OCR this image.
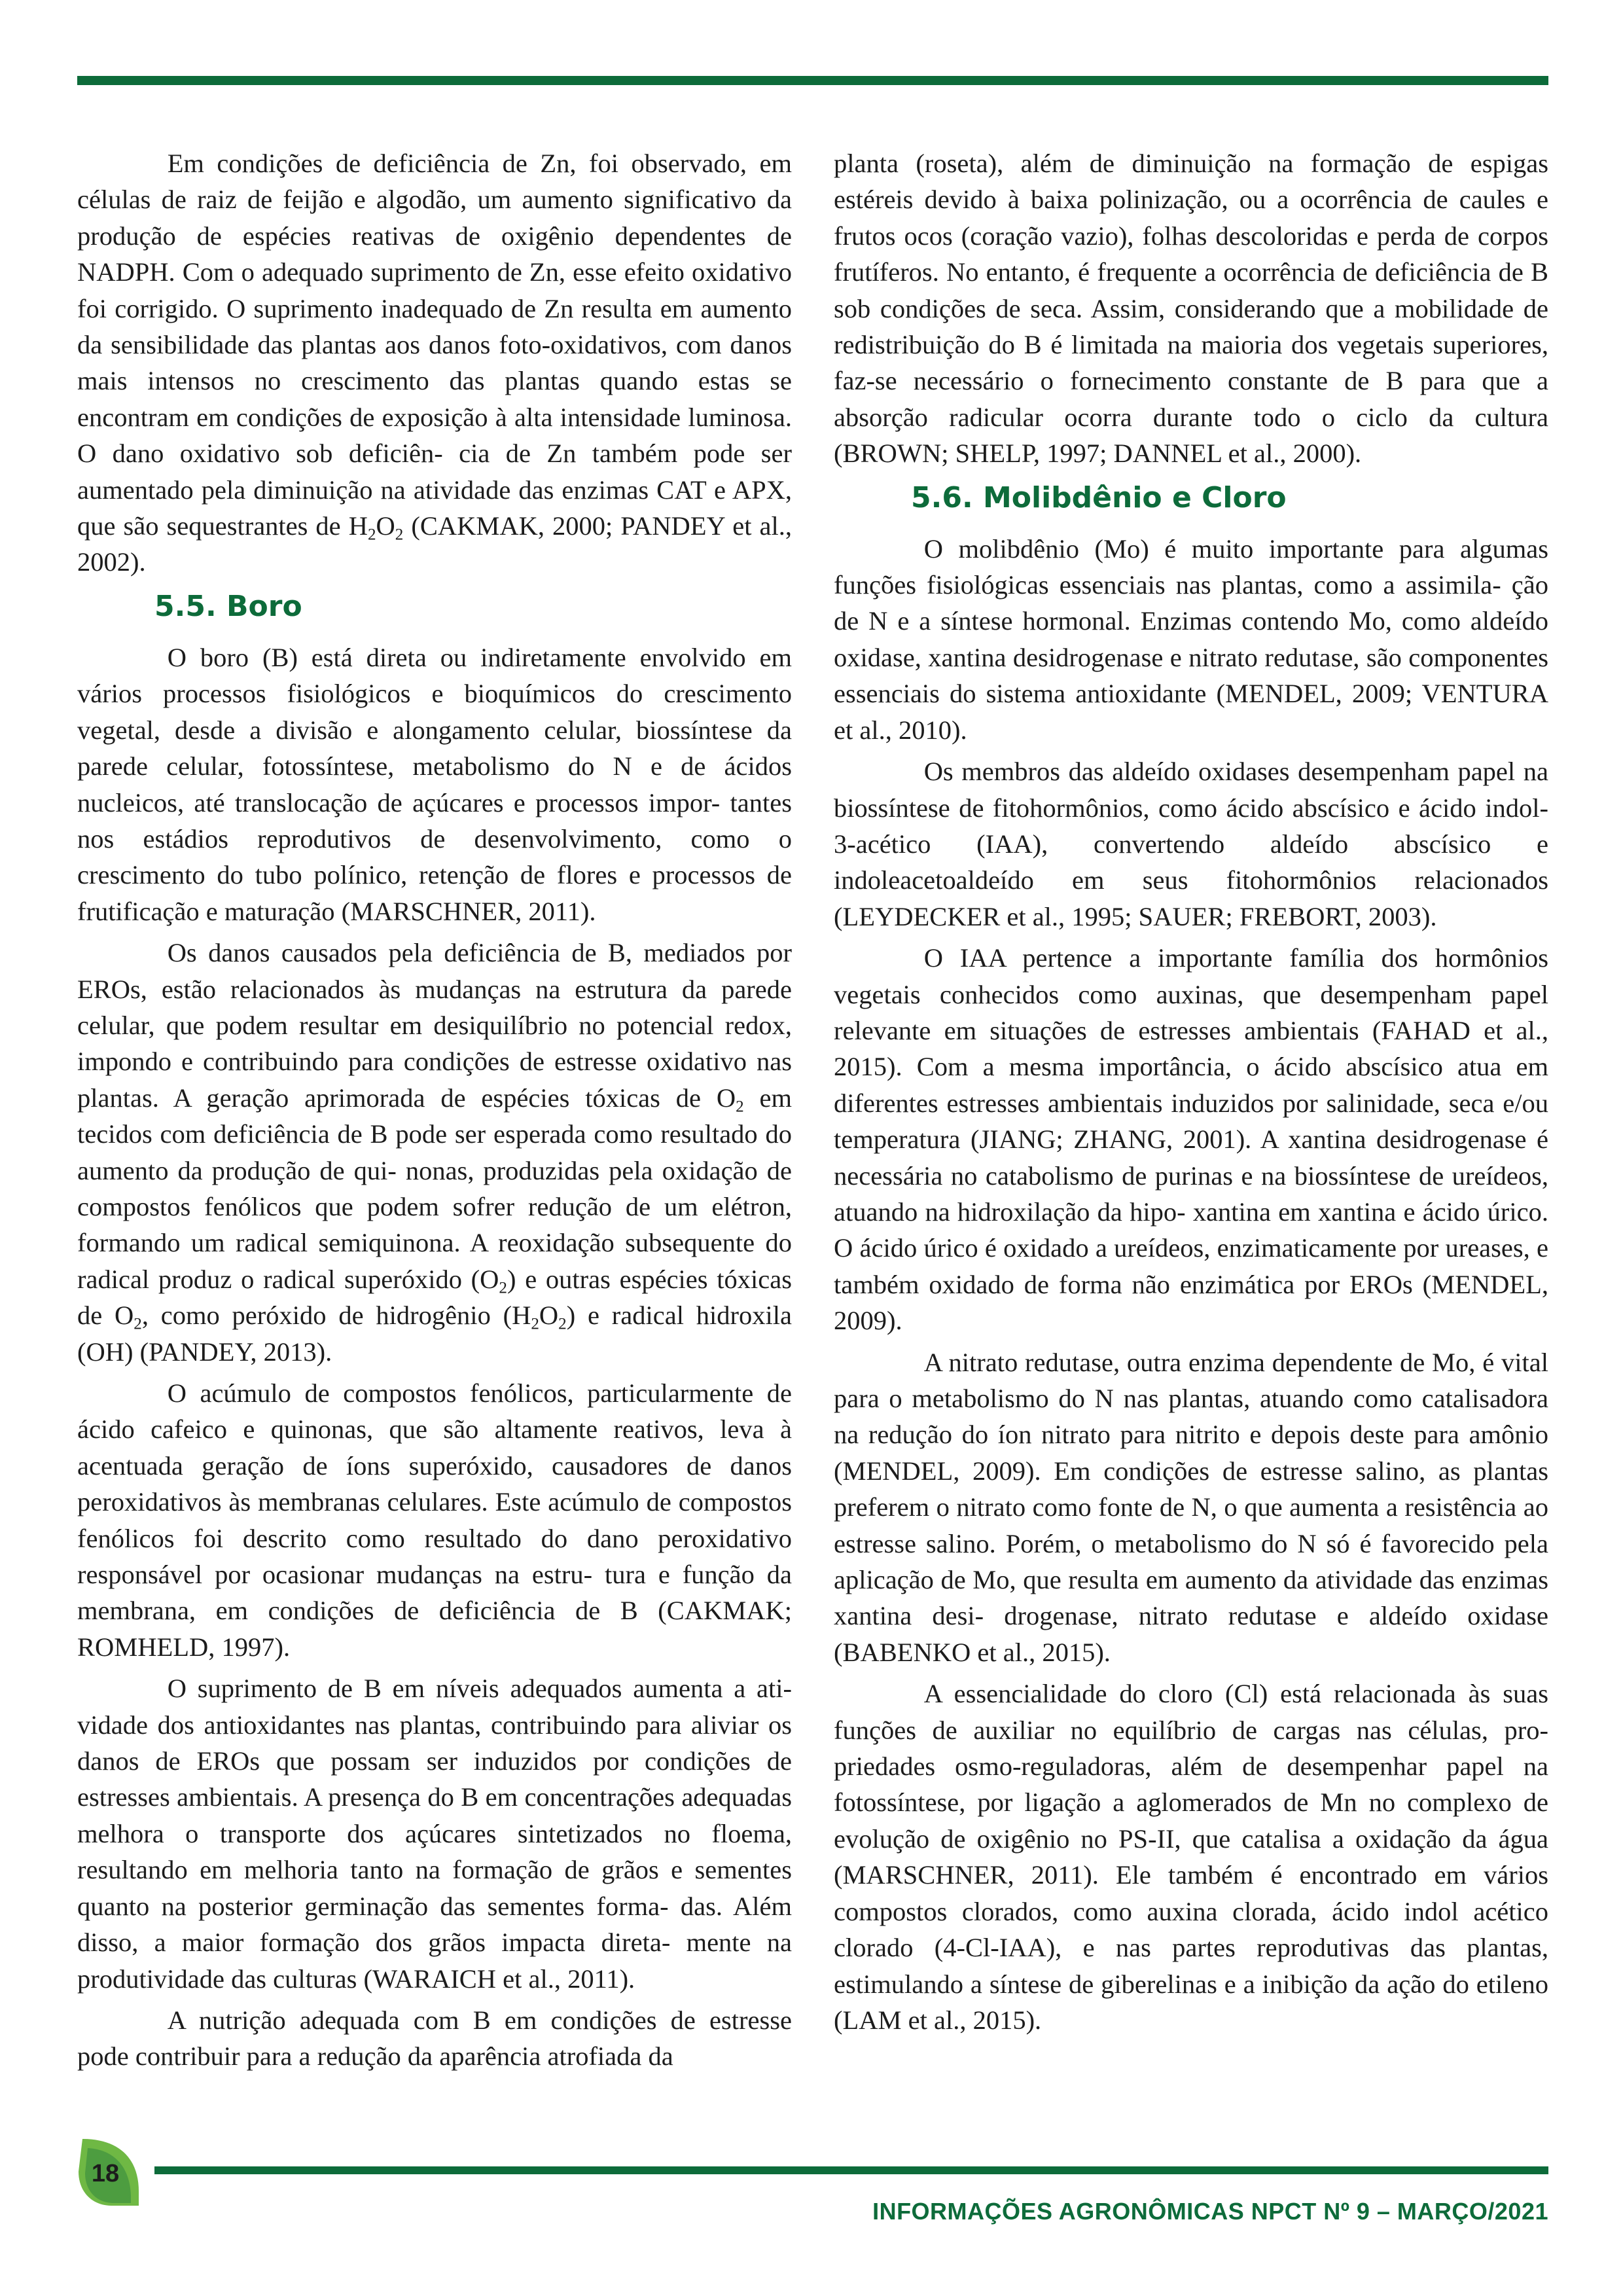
Em condições de deficiência de Zn, foi observado, em células de raiz de feijão e algodão, um aumento significativo da produção de espécies reativas de oxigênio dependentes de NADPH. Com o adequado suprimento de Zn, esse efeito oxidativo foi corrigido. O suprimento inadequado de Zn resulta em aumento da sensibilidade das plantas aos danos foto-oxidativos, com danos mais intensos no crescimento das plantas quando estas se encontram em condições de exposição à alta intensidade luminosa. O dano oxidativo sob deficiên- cia de Zn também pode ser aumentado pela diminuição na atividade das enzimas CAT e APX, que são sequestrantes de $H_2O_2$ (CAKMAK, 2000; PANDEY et al., 2002).

5.5. Boro

O boro (B) está direta ou indiretamente envolvido em vários processos fisiológicos e bioquímicos do crescimento vegetal, desde a divisão e alongamento celular, biossíntese da parede celular, fotossíntese, metabolismo do N e de ácidos nucleicos, até translocação de açúcares e processos impor- tantes nos estádios reprodutivos de desenvolvimento, como o crescimento do tubo polínico, retenção de flores e processos de frutificação e maturação (MARSCHNER, 2011).

Os danos causados pela deficiência de B, mediados por EROs, estão relacionados às mudanças na estrutura da parede celular, que podem resultar em desiquilíbrio no potencial redox, impondo e contribuindo para condições de estresse oxidativo nas plantas. A geração aprimorada de espécies tóxicas de $O_2$ em tecidos com deficiência de B pode ser esperada como resultado do aumento da produção de qui- nonas, produzidas pela oxidação de compostos fenólicos que podem sofrer redução de um elétron, formando um radical semiquinona. A reoxidação subsequente do radical produz o radical superóxido $(O_2)$ e outras espécies tóxicas de $O_2$, como peróxido de hidrogênio $(H_2O_2)$ e radical hidroxila (OH) (PANDEY, 2013).

O acúmulo de compostos fenólicos, particularmente de ácido cafeico e quinonas, que são altamente reativos, leva à acentuada geração de íons superóxido, causadores de danos peroxidativos às membranas celulares. Este acúmulo de compostos fenólicos foi descrito como resultado do dano peroxidativo responsável por ocasionar mudanças na estru- tura e função da membrana, em condições de deficiência de B (CAKMAK; ROMHELD, 1997).

O suprimento de B em níveis adequados aumenta a ati- vidade dos antioxidantes nas plantas, contribuindo para aliviar os danos de EROs que possam ser induzidos por condições de estresses ambientais. A presença do B em concentrações adequadas melhora o transporte dos açúcares sintetizados no floema, resultando em melhoria tanto na formação de grãos e sementes quanto na posterior germinação das sementes forma- das. Além disso, a maior formação dos grãos impacta direta- mente na produtividade das culturas (WARAICH et al., 2011).

A nutrição adequada com B em condições de estresse pode contribuir para a redução da aparência atrofiada da

planta (roseta), além de diminuição na formação de espigas estéreis devido à baixa polinização, ou a ocorrência de caules e frutos ocos (coração vazio), folhas descoloridas e perda de corpos frutíferos. No entanto, é frequente a ocorrência de deficiência de B sob condições de seca. Assim, considerando que a mobilidade de redistribuição do B é limitada na maioria dos vegetais superiores, faz-se necessário o fornecimento constante de B para que a absorção radicular ocorra durante todo o ciclo da cultura (BROWN; SHELP, 1997; DANNEL et al., 2000).

5.6. Molibdênio e Cloro

O molibdênio (Mo) é muito importante para algumas funções fisiológicas essenciais nas plantas, como a assimila- ção de N e a síntese hormonal. Enzimas contendo Mo, como aldeído oxidase, xantina desidrogenase e nitrato redutase, são componentes essenciais do sistema antioxidante (MENDEL, 2009; VENTURA et al., 2010).

Os membros das aldeído oxidases desempenham papel na biossíntese de fitohormônios, como ácido abscísico e ácido indol-3-acético (IAA), convertendo aldeído abscísico e indoleacetoaldeído em seus fitohormônios relacionados (LEYDECKER et al., 1995; SAUER; FREBORT, 2003).

O IAA pertence a importante família dos hormônios vegetais conhecidos como auxinas, que desempenham papel relevante em situações de estresses ambientais (FAHAD et al., 2015). Com a mesma importância, o ácido abscísico atua em diferentes estresses ambientais induzidos por salinidade, seca e/ou temperatura (JIANG; ZHANG, 2001). A xantina desidrogenase é necessária no catabolismo de purinas e na biossíntese de ureídeos, atuando na hidroxilação da hipo- xantina em xantina e ácido úrico. O ácido úrico é oxidado a ureídeos, enzimaticamente por ureases, e também oxidado de forma não enzimática por EROs (MENDEL, 2009).

A nitrato redutase, outra enzima dependente de Mo, é vital para o metabolismo do N nas plantas, atuando como catalisadora na redução do íon nitrato para nitrito e depois deste para amônio (MENDEL, 2009). Em condições de estresse salino, as plantas preferem o nitrato como fonte de N, o que aumenta a resistência ao estresse salino. Porém, o metabolismo do N só é favorecido pela aplicação de Mo, que resulta em aumento da atividade das enzimas xantina desi- drogenase, nitrato redutase e aldeído oxidase (BABENKO et al., 2015).

A essencialidade do cloro (Cl) está relacionada às suas funções de auxiliar no equilíbrio de cargas nas células, pro- priedades osmo-reguladoras, além de desempenhar papel na fotossíntese, por ligação a aglomerados de Mn no complexo de evolução de oxigênio no PS-II, que catalisa a oxidação da água (MARSCHNER, 2011). Ele também é encontrado em vários compostos clorados, como auxina clorada, ácido indol acético clorado (4-Cl-IAA), e nas partes reprodutivas das plantas, estimulando a síntese de giberelinas e a inibição da ação do etileno (LAM et al., 2015).

18
INFORMAÇÕES AGRONÔMICAS NPCT Nº 9 – MARÇO/2021
